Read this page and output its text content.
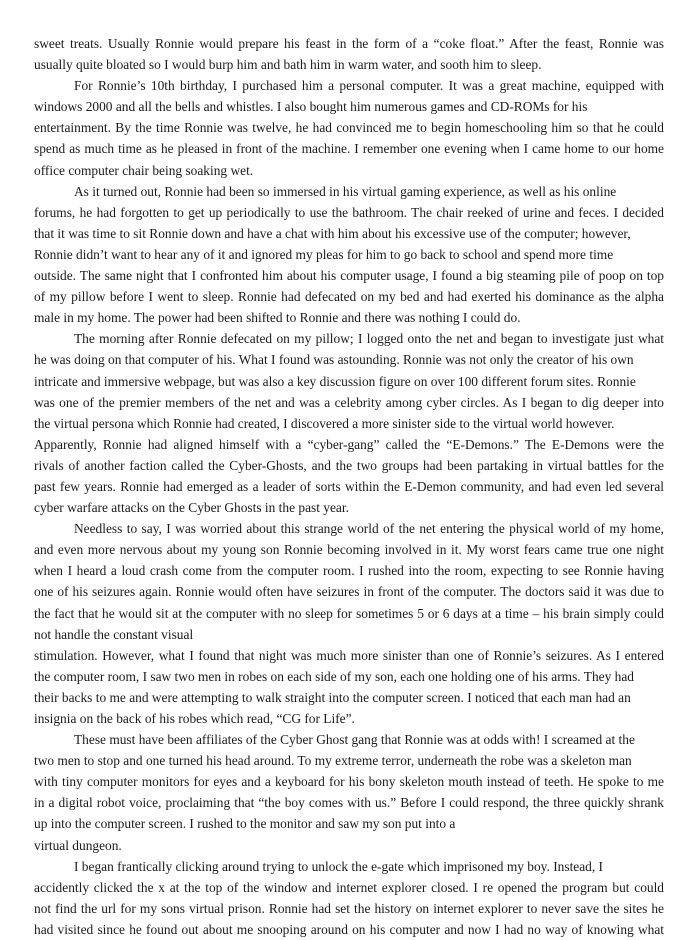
sweet treats. Usually Ronnie would prepare his feast in the form of a “coke float.” After the feast, Ronnie was
usually quite bloated so I would burp him and bath him in warm water, and sooth him to sleep.
For Ronnie’s 10th birthday, I purchased him a personal computer. It was a great machine, equipped with
windows 2000 and all the bells and whistles. I also bought him numerous games and CD-ROMs for his
entertainment. By the time Ronnie was twelve, he had convinced me to begin homeschooling him so that he could
spend as much time as he pleased in front of the machine. I remember one evening when I came home to our home
office computer chair being soaking wet.
As it turned out, Ronnie had been so immersed in his virtual gaming experience, as well as his online
forums, he had forgotten to get up periodically to use the bathroom. The chair reeked of urine and feces. I decided
that it was time to sit Ronnie down and have a chat with him about his excessive use of the computer; however,
Ronnie didn’t want to hear any of it and ignored my pleas for him to go back to school and spend more time
outside. The same night that I confronted him about his computer usage, I found a big steaming pile of poop on top
of my pillow before I went to sleep. Ronnie had defecated on my bed and had exerted his dominance as the alpha
male in my home. The power had been shifted to Ronnie and there was nothing I could do.
The morning after Ronnie defecated on my pillow; I logged onto the net and began to investigate just what
he was doing on that computer of his. What I found was astounding. Ronnie was not only the creator of his own
intricate and immersive webpage, but was also a key discussion figure on over 100 different forum sites. Ronnie
was one of the premier members of the net and was a celebrity among cyber circles. As I began to dig deeper into
the virtual persona which Ronnie had created, I discovered a more sinister side to the virtual world however.
Apparently, Ronnie had aligned himself with a “cyber-gang” called the “E-Demons.” The E-Demons were the
rivals of another faction called the Cyber-Ghosts, and the two groups had been partaking in virtual battles for the
past few years. Ronnie had emerged as a leader of sorts within the E-Demon community, and had even led several
cyber warfare attacks on the Cyber Ghosts in the past year.
Needless to say, I was worried about this strange world of the net entering the physical world of my home,
and even more nervous about my young son Ronnie becoming involved in it. My worst fears came true one night
when I heard a loud crash come from the computer room. I rushed into the room, expecting to see Ronnie having
one of his seizures again. Ronnie would often have seizures in front of the computer. The doctors said it was due to
the fact that he would sit at the computer with no sleep for sometimes 5 or 6 days at a time – his brain simply could
not handle the constant visual
stimulation. However, what I found that night was much more sinister than one of Ronnie’s seizures. As I entered
the computer room, I saw two men in robes on each side of my son, each one holding one of his arms. They had
their backs to me and were attempting to walk straight into the computer screen. I noticed that each man had an
insignia on the back of his robes which read, “CG for Life”.
These must have been affiliates of the Cyber Ghost gang that Ronnie was at odds with! I screamed at the
two men to stop and one turned his head around. To my extreme terror, underneath the robe was a skeleton man
with tiny computer monitors for eyes and a keyboard for his bony skeleton mouth instead of teeth. He spoke to me
in a digital robot voice, proclaiming that “the boy comes with us.” Before I could respond, the three quickly shrank
up into the computer screen. I rushed to the monitor and saw my son put into a
virtual dungeon.
I began frantically clicking around trying to unlock the e-gate which imprisoned my boy. Instead, I
accidently clicked the x at the top of the window and internet explorer closed. I re opened the program but could
not find the url for my sons virtual prison. Ronnie had set the history on internet explorer to never save the sites he
had visited since he found out about me snooping around on his computer and now I had no way of knowing what
